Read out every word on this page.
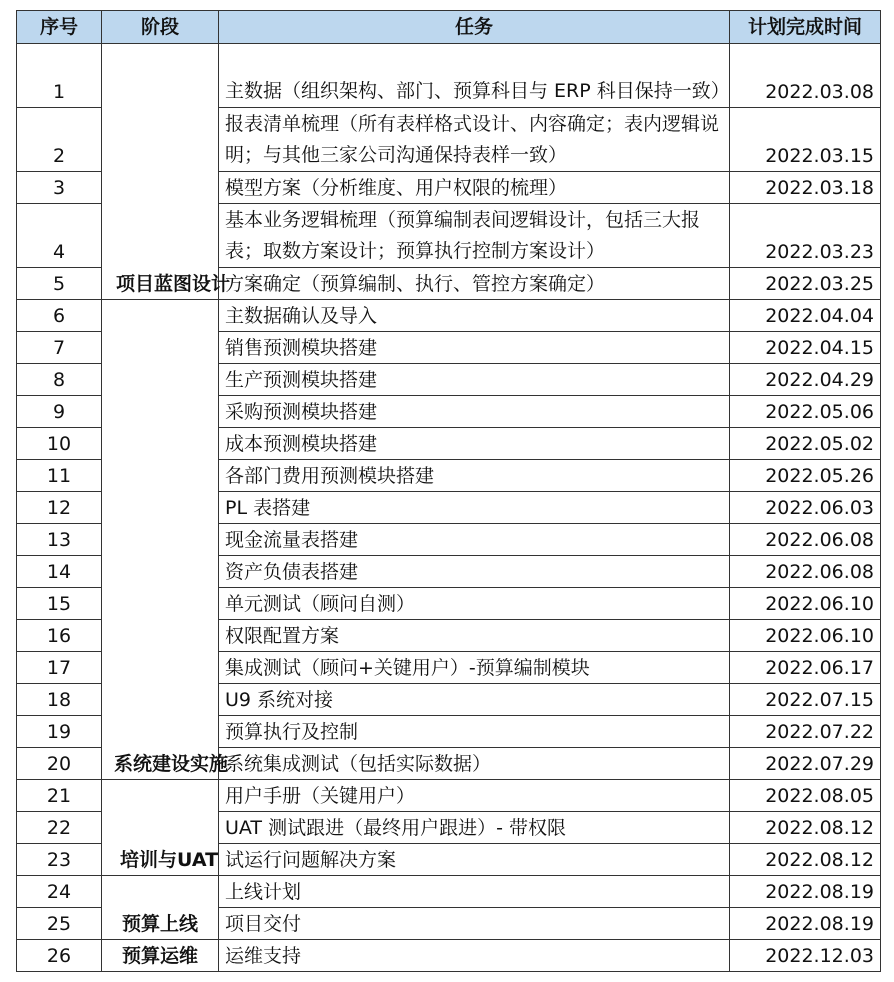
序号	阶段	任务	计划完成时间
1	项目蓝图设计	主数据（组织架构、部门、预算科目与 ERP 科目保持一致）	2022.03.08
2		报表清单梳理（所有表样格式设计、内容确定；表内逻辑说明；与其他三家公司沟通保持表样一致）	2022.03.15
3		模型方案（分析维度、用户权限的梳理）	2022.03.18
4		基本业务逻辑梳理（预算编制表间逻辑设计，包括三大报表；取数方案设计；预算执行控制方案设计）	2022.03.23
5		方案确定（预算编制、执行、管控方案确定）	2022.03.25
6	系统建设实施	主数据确认及导入	2022.04.04
7		销售预测模块搭建	2022.04.15
8		生产预测模块搭建	2022.04.29
9		采购预测模块搭建	2022.05.06
10		成本预测模块搭建	2022.05.02
11		各部门费用预测模块搭建	2022.05.26
12		PL 表搭建	2022.06.03
13		现金流量表搭建	2022.06.08
14		资产负债表搭建	2022.06.08
15		单元测试（顾问自测）	2022.06.10
16		权限配置方案	2022.06.10
17		集成测试（顾问+关键用户）-预算编制模块	2022.06.17
18		U9 系统对接	2022.07.15
19		预算执行及控制	2022.07.22
20		系统集成测试（包括实际数据）	2022.07.29
21	培训与UAT	用户手册（关键用户）	2022.08.05
22		UAT 测试跟进（最终用户跟进）- 带权限	2022.08.12
23		试运行问题解决方案	2022.08.12
24	预算上线	上线计划	2022.08.19
25		项目交付	2022.08.19
26	预算运维	运维支持	2022.12.03
